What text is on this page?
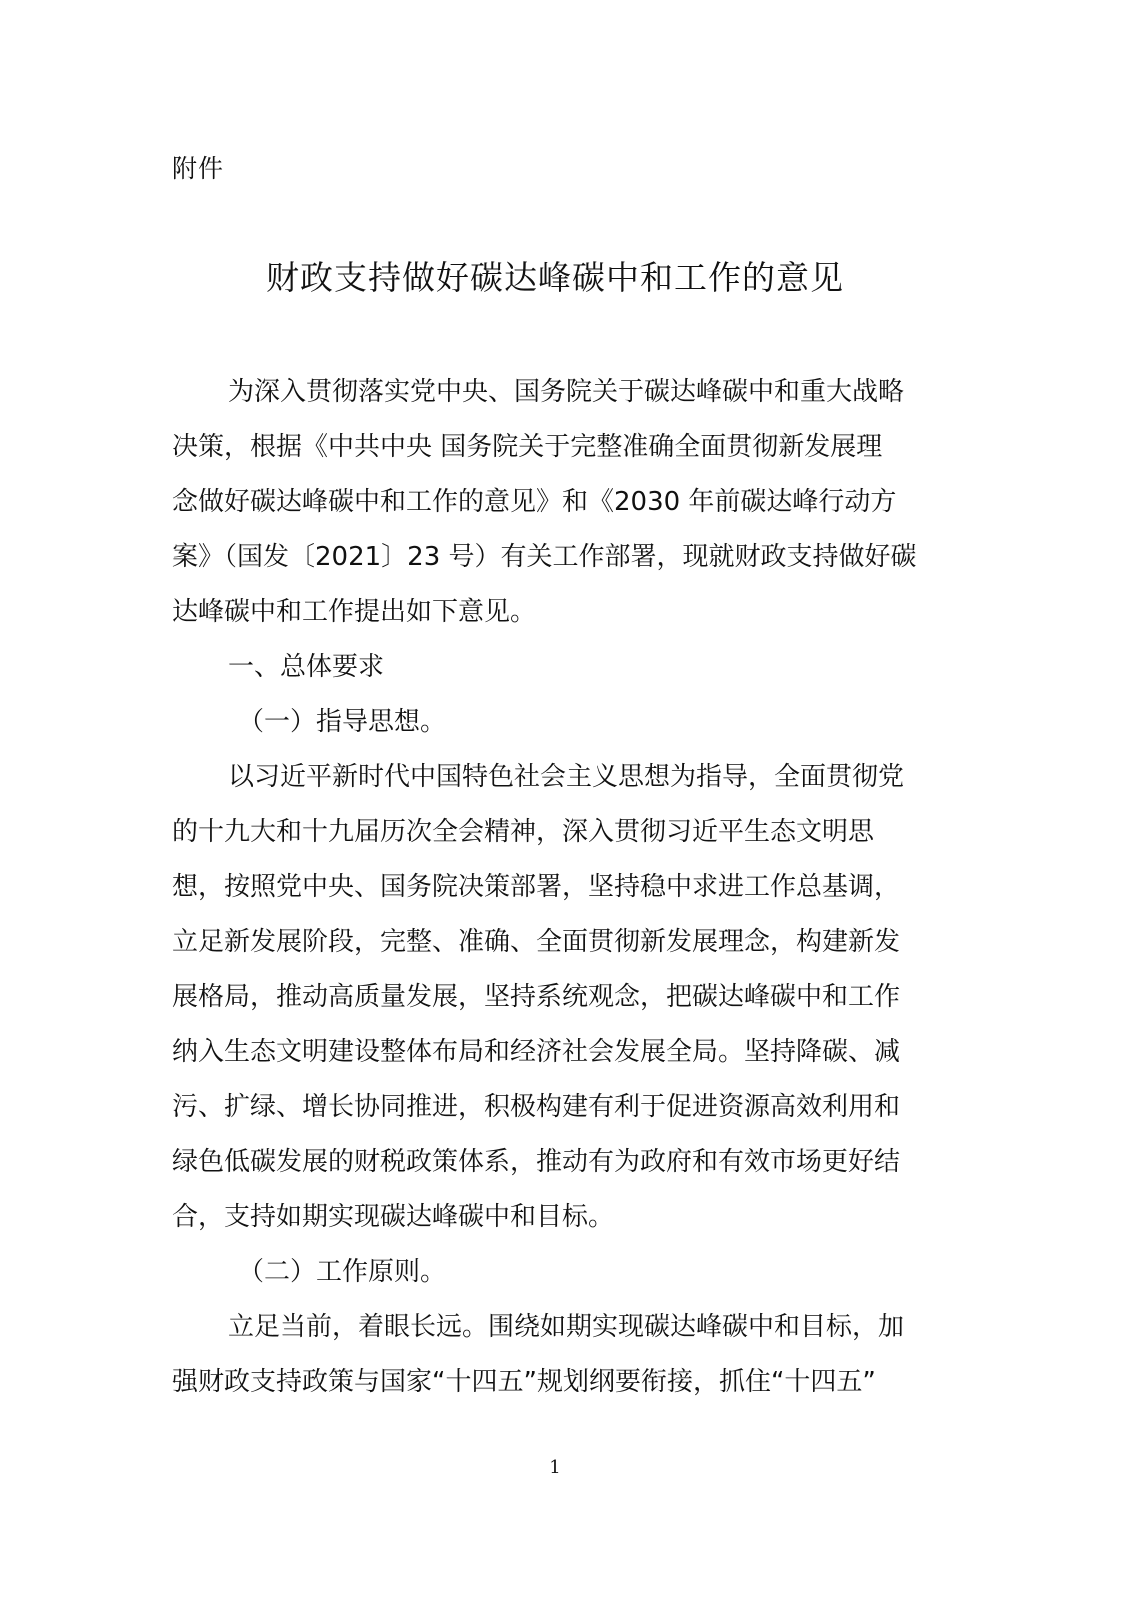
附件
财政支持做好碳达峰碳中和工作的意见
为深入贯彻落实党中央、国务院关于碳达峰碳中和重大战略
决策，根据《中共中央 国务院关于完整准确全面贯彻新发展理
念做好碳达峰碳中和工作的意见》和《2030 年前碳达峰行动方
案》（国发〔2021〕23 号）有关工作部署，现就财政支持做好碳
达峰碳中和工作提出如下意见。
一、总体要求
（一）指导思想。
以习近平新时代中国特色社会主义思想为指导，全面贯彻党
的十九大和十九届历次全会精神，深入贯彻习近平生态文明思
想，按照党中央、国务院决策部署，坚持稳中求进工作总基调，
立足新发展阶段，完整、准确、全面贯彻新发展理念，构建新发
展格局，推动高质量发展，坚持系统观念，把碳达峰碳中和工作
纳入生态文明建设整体布局和经济社会发展全局。坚持降碳、减
污、扩绿、增长协同推进，积极构建有利于促进资源高效利用和
绿色低碳发展的财税政策体系，推动有为政府和有效市场更好结
合，支持如期实现碳达峰碳中和目标。
（二）工作原则。
立足当前，着眼长远。围绕如期实现碳达峰碳中和目标，加
强财政支持政策与国家“十四五”规划纲要衔接，抓住“十四五”
1
